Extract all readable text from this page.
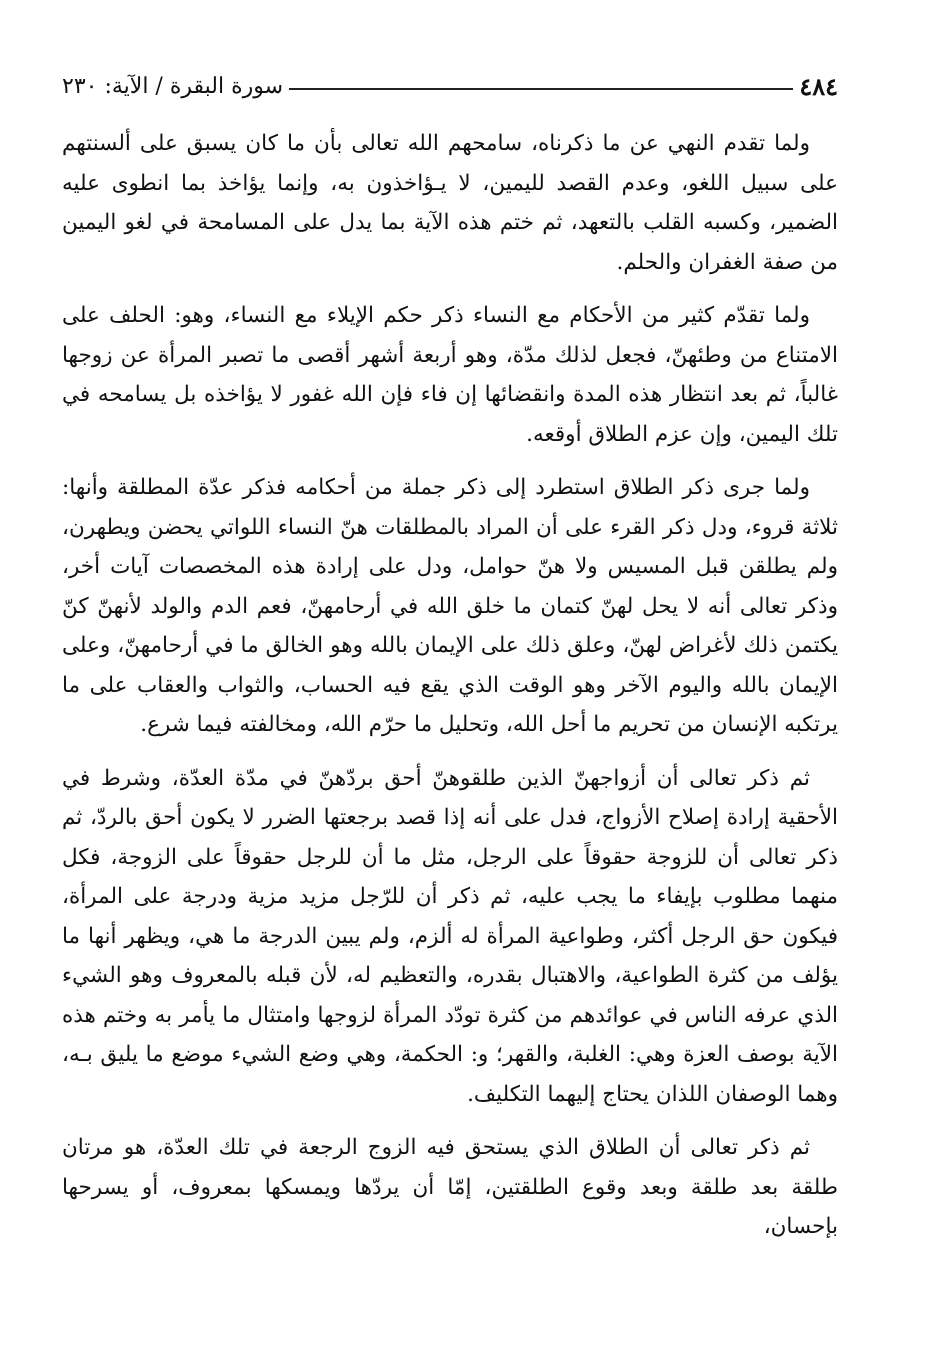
٤٨٤
سورة البقرة / الآية: ٢٣٠

ولما تقدم النهي عن ما ذكرناه، سامحهم الله تعالى بأن ما كان يسبق على ألسنتهم على سبيل اللغو، وعدم القصد لليمين، لا يـؤاخذون به، وإنما يؤاخذ بما انطوى عليه الضمير، وكسبه القلب بالتعهد، ثم ختم هذه الآية بما يدل على المسامحة في لغو اليمين من صفة الغفران والحلم.

ولما تقدّم كثير من الأحكام مع النساء ذكر حكم الإيلاء مع النساء، وهو: الحلف على الامتناع من وطئهنّ، فجعل لذلك مدّة، وهو أربعة أشهر أقصى ما تصبر المرأة عن زوجها غالباً، ثم بعد انتظار هذه المدة وانقضائها إن فاء فإن الله غفور لا يؤاخذه بل يسامحه في تلك اليمين، وإن عزم الطلاق أوقعه.

ولما جرى ذكر الطلاق استطرد إلى ذكر جملة من أحكامه فذكر عدّة المطلقة وأنها: ثلاثة قروء، ودل ذكر القرء على أن المراد بالمطلقات هنّ النساء اللواتي يحضن ويطهرن، ولم يطلقن قبل المسيس ولا هنّ حوامل، ودل على إرادة هذه المخصصات آيات أخر، وذكر تعالى أنه لا يحل لهنّ كتمان ما خلق الله في أرحامهنّ، فعم الدم والولد لأنهنّ كنّ يكتمن ذلك لأغراض لهنّ، وعلق ذلك على الإيمان بالله وهو الخالق ما في أرحامهنّ، وعلى الإيمان بالله واليوم الآخر وهو الوقت الذي يقع فيه الحساب، والثواب والعقاب على ما يرتكبه الإنسان من تحريم ما أحل الله، وتحليل ما حرّم الله، ومخالفته فيما شرع.

ثم ذكر تعالى أن أزواجهنّ الذين طلقوهنّ أحق بردّهنّ في مدّة العدّة، وشرط في الأحقية إرادة إصلاح الأزواج، فدل على أنه إذا قصد برجعتها الضرر لا يكون أحق بالردّ، ثم ذكر تعالى أن للزوجة حقوقاً على الرجل، مثل ما أن للرجل حقوقاً على الزوجة، فكل منهما مطلوب بإيفاء ما يجب عليه، ثم ذكر أن للرّجل مزيد مزية ودرجة على المرأة، فيكون حق الرجل أكثر، وطواعية المرأة له ألزم، ولم يبين الدرجة ما هي، ويظهر أنها ما يؤلف من كثرة الطواعية، والاهتبال بقدره، والتعظيم له، لأن قبله بالمعروف وهو الشيء الذي عرفه الناس في عوائدهم من كثرة تودّد المرأة لزوجها وامتثال ما يأمر به وختم هذه الآية بوصف العزة وهي: الغلبة، والقهر؛ و: الحكمة، وهي وضع الشيء موضع ما يليق بـه، وهما الوصفان اللذان يحتاج إليهما التكليف.

ثم ذكر تعالى أن الطلاق الذي يستحق فيه الزوج الرجعة في تلك العدّة، هو مرتان طلقة بعد طلقة وبعد وقوع الطلقتين، إمّا أن يردّها ويمسكها بمعروف، أو يسرحها بإحسان،
